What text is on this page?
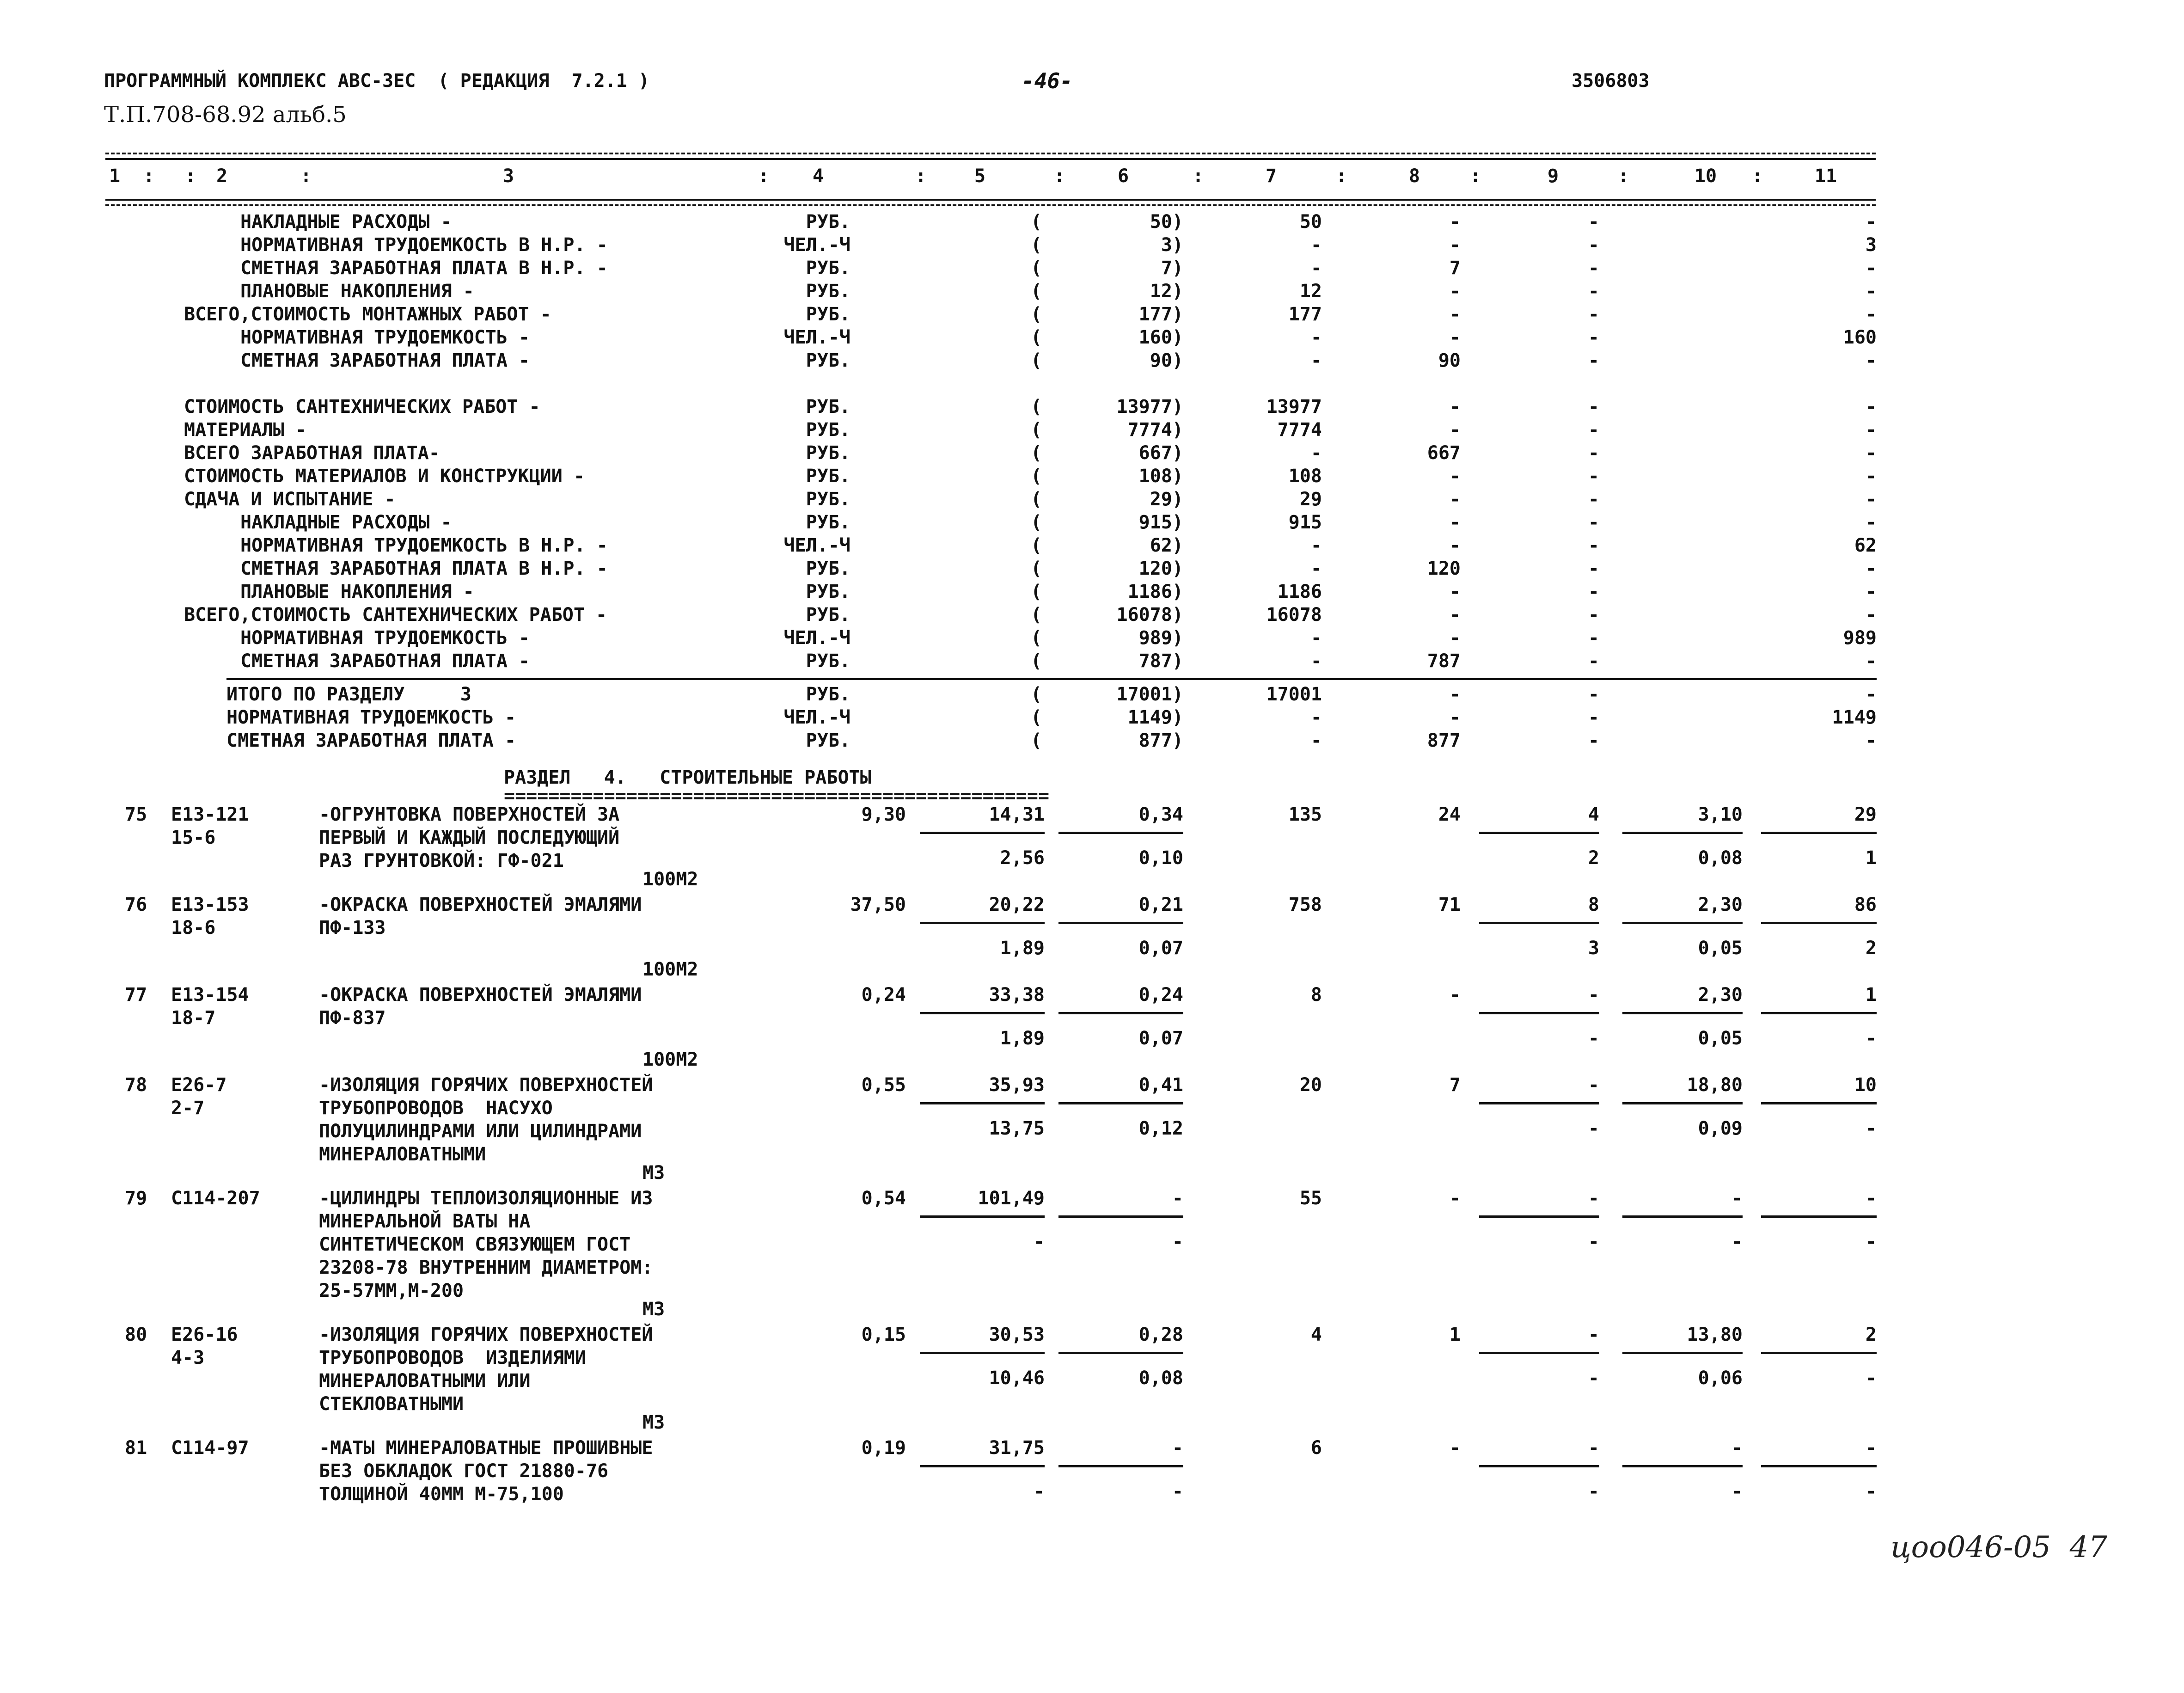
ПРОГРАММНЫЙ КОМПЛЕКС АВС-3ЕС  ( РЕДАКЦИЯ  7.2.1 )	-46-	3506803
Т.П.708-68.92 альб.5
1	2	3	4	5	6	7	8	9	10	11
: :	:	:	:	:	:	:	:	:	:
НАКЛАДНЫЕ РАСХОДЫ -	РУБ.	(	50)	50	-	-	-
НОРМАТИВНАЯ ТРУДОЕМКОСТЬ В Н.Р. -	ЧЕЛ.-Ч	(	3)	-	-	-	3
СМЕТНАЯ ЗАРАБОТНАЯ ПЛАТА В Н.Р. -	РУБ.	(	7)	-	7	-	-
ПЛАНОВЫЕ НАКОПЛЕНИЯ -	РУБ.	(	12)	12	-	-	-
ВСЕГО,СТОИМОСТЬ МОНТАЖНЫХ РАБОТ -	РУБ.	(	177)	177	-	-	-
НОРМАТИВНАЯ ТРУДОЕМКОСТЬ -	ЧЕЛ.-Ч	(	160)	-	-	-	160
СМЕТНАЯ ЗАРАБОТНАЯ ПЛАТА -	РУБ.	(	90)	-	90	-	-
СТОИМОСТЬ САНТЕХНИЧЕСКИХ РАБОТ -	РУБ.	(	13977)	13977	-	-	-
МАТЕРИАЛЫ -	РУБ.	(	7774)	7774	-	-	-
ВСЕГО ЗАРАБОТНАЯ ПЛАТА-	РУБ.	(	667)	-	667	-	-
СТОИМОСТЬ МАТЕРИАЛОВ И КОНСТРУКЦИИ -	РУБ.	(	108)	108	-	-	-
СДАЧА И ИСПЫТАНИЕ -	РУБ.	(	29)	29	-	-	-
НАКЛАДНЫЕ РАСХОДЫ -	РУБ.	(	915)	915	-	-	-
НОРМАТИВНАЯ ТРУДОЕМКОСТЬ В Н.Р. -	ЧЕЛ.-Ч	(	62)	-	-	-	62
СМЕТНАЯ ЗАРАБОТНАЯ ПЛАТА В Н.Р. -	РУБ.	(	120)	-	120	-	-
ПЛАНОВЫЕ НАКОПЛЕНИЯ -	РУБ.	(	1186)	1186	-	-	-
ВСЕГО,СТОИМОСТЬ САНТЕХНИЧЕСКИХ РАБОТ -	РУБ.	(	16078)	16078	-	-	-
НОРМАТИВНАЯ ТРУДОЕМКОСТЬ -	ЧЕЛ.-Ч	(	989)	-	-	-	989
СМЕТНАЯ ЗАРАБОТНАЯ ПЛАТА -	РУБ.	(	787)	-	787	-	-
ИТОГО ПО РАЗДЕЛУ     3	РУБ.	(	17001)	17001	-	-	-
НОРМАТИВНАЯ ТРУДОЕМКОСТЬ -	ЧЕЛ.-Ч	(	1149)	-	-	-	1149
СМЕТНАЯ ЗАРАБОТНАЯ ПЛАТА -	РУБ.	(	877)	-	877	-	-
РАЗДЕЛ   4.   СТРОИТЕЛЬНЫЕ РАБОТЫ
=================================================
75 Е13-121
15-6
-ОГРУНТОВКА ПОВЕРХНОСТЕЙ ЗА
ПЕРВЫЙ И КАЖДЫЙ ПОСЛЕДУЮЩИЙ
РАЗ ГРУНТОВКОЙ: ГФ-021
9,30	14,31	0,34	135	24	4	3,10	29
2,56	0,10	2	0,08	1
100М2
76 Е13-153
18-6
-ОКРАСКА ПОВЕРХНОСТЕЙ ЭМАЛЯМИ
ПФ-133
37,50	20,22	0,21	758	71	8	2,30	86
1,89	0,07	3	0,05	2
100М2
77 Е13-154
18-7
-ОКРАСКА ПОВЕРХНОСТЕЙ ЭМАЛЯМИ
ПФ-837
0,24	33,38	0,24	8	-	-	2,30	1
1,89	0,07	-	0,05	-
100М2
78 Е26-7
2-7
-ИЗОЛЯЦИЯ ГОРЯЧИХ ПОВЕРХНОСТЕЙ
ТРУБОПРОВОДОВ  НАСУХО
ПОЛУЦИЛИНДРАМИ ИЛИ ЦИЛИНДРАМИ
МИНЕРАЛОВАТНЫМИ
0,55	35,93	0,41	20	7	-	18,80	10
13,75	0,12	-	0,09	-
М3
79 С114-207	-ЦИЛИНДРЫ ТЕПЛОИЗОЛЯЦИОННЫЕ ИЗ
МИНЕРАЛЬНОЙ ВАТЫ НА
СИНТЕТИЧЕСКОМ СВЯЗУЮЩЕМ ГОСТ
23208-78 ВНУТРЕННИМ ДИАМЕТРОМ:
25-57ММ,М-200
0,54	101,49	-	55	-	-	-	-
-	-	-	-	-
М3
80 Е26-16
4-3
-ИЗОЛЯЦИЯ ГОРЯЧИХ ПОВЕРХНОСТЕЙ
ТРУБОПРОВОДОВ  ИЗДЕЛИЯМИ
МИНЕРАЛОВАТНЫМИ ИЛИ
СТЕКЛОВАТНЫМИ
0,15	30,53	0,28	4	1	-	13,80	2
10,46	0,08	-	0,06	-
М3
81 С114-97	-МАТЫ МИНЕРАЛОВАТНЫЕ ПРОШИВНЫЕ
БЕЗ ОБКЛАДОК ГОСТ 21880-76
ТОЛЩИНОЙ 40ММ М-75,100
0,19	31,75	-	6	-	-	-	-
-	-	-	-	-
цоо046-05  47
